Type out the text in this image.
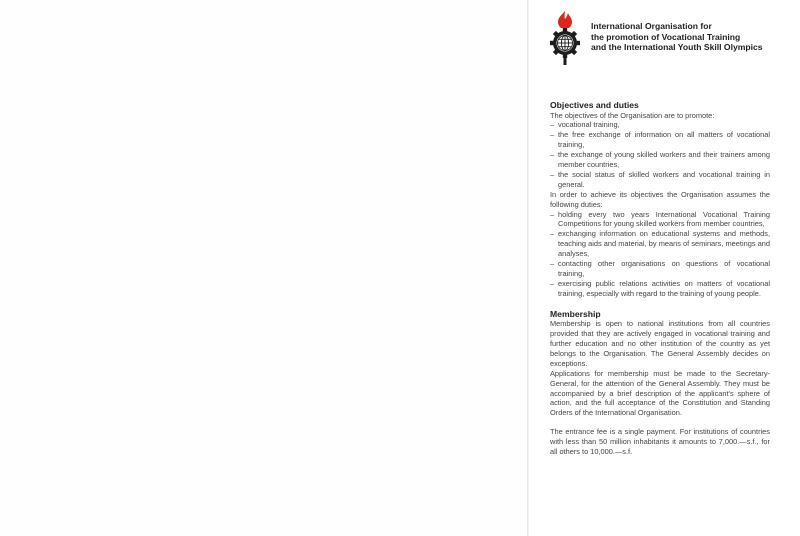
International Organisation for
the promotion of Vocational Training
and the International Youth Skill Olympics
Objectives and duties

The objectives of the Organisation are to promote:

– vocational training,
– the free exchange of information on all matters of vocational training,
– the exchange of young skilled workers and their trainers among member countries,
– the social status of skilled workers and vocational training in general.

In order to achieve its objectives the Organisation assumes the following duties:

– holding every two years International Vocational Training Competitions for young skilled workers from member countries,
– exchanging information on educational systems and methods, teaching aids and material, by means of seminars, meetings and analyses,
– contacting other organisations on questions of vocational training,
– exercising public relations activities on matters of vocational training, especially with regard to the training of young people.
Membership

Membership is open to national institutions from all countries provided that they are actively engaged in vocational training and further education and no other institution of the country as yet belongs to the Organisation. The General Assembly decides on exceptions.

Applications for membership must be made to the Secretary-General, for the attention of the General Assembly. They must be accompanied by a brief description of the applicant's sphere of action, and the full acceptance of the Constitution and Standing Orders of the International Organisation.

The entrance fee is a single payment. For institutions of countries with less than 50 million inhabitants it amounts to 7,000.—s.f., for all others to 10,000.—s.f.
